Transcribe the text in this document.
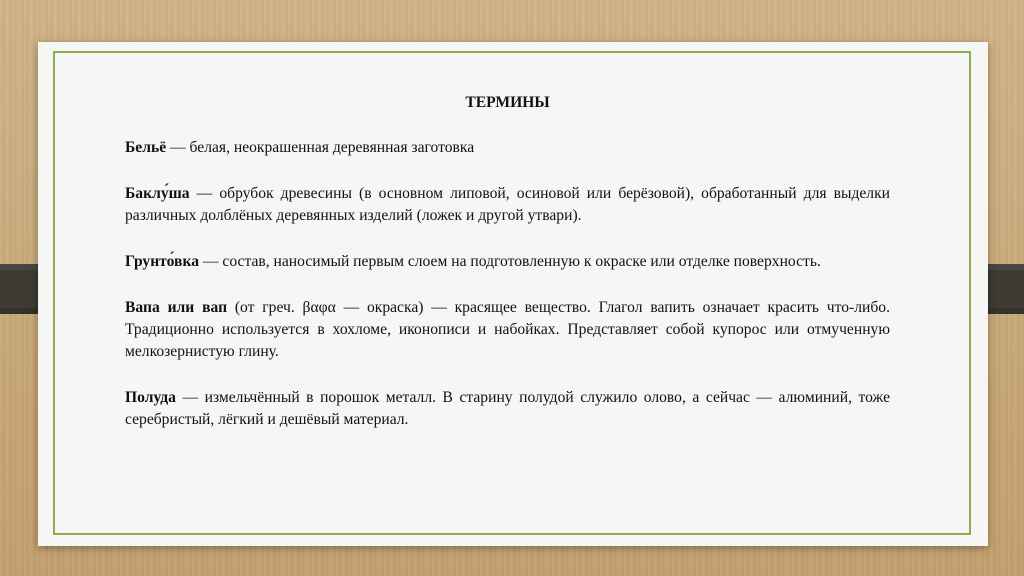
ТЕРМИНЫ

Бельё — белая, неокрашенная деревянная заготовка

Баклу́ша — обрубок древесины (в основном липовой, осиновой или берёзовой), обработанный для выделки различных долблёных деревянных изделий (ложек и другой утвари).

Грунто́вка — состав, наносимый первым слоем на подготовленную к окраске или отделке поверхность.

Вапа или вап (от греч. βαφα — окраска) — красящее вещество. Глагол вапить означает красить что-либо. Традиционно используется в хохломе, иконописи и набойках. Представляет собой купорос или отмученную мелкозернистую глину.

Полуда — измельчённый в порошок металл. В старину полудой служило олово, а сейчас — алюминий, тоже серебристый, лёгкий и дешёвый материал.
